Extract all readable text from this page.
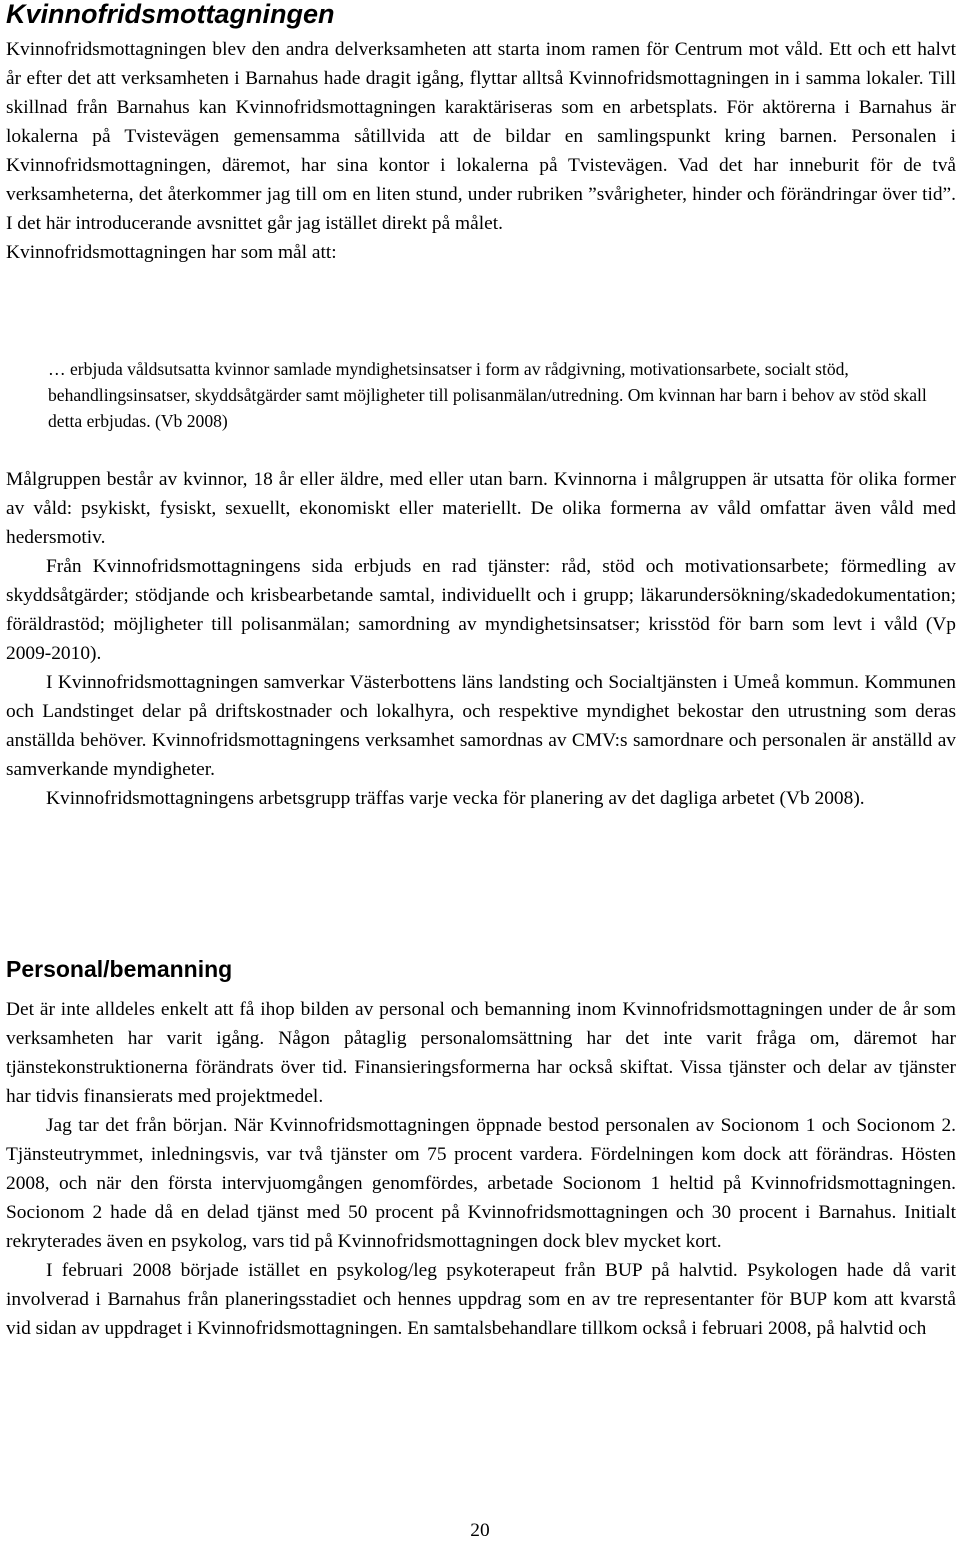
Kvinnofridsmottagningen

Kvinnofridsmottagningen blev den andra delverksamheten att starta inom ramen för Centrum mot våld. Ett och ett halvt år efter det att verksamheten i Barnahus hade dragit igång, flyttar alltså Kvinnofridsmottagningen in i samma lokaler. Till skillnad från Barnahus kan Kvinnofridsmottagningen karaktäriseras som en arbetsplats. För aktörerna i Barnahus är lokalerna på Tvistevägen gemensamma såtillvida att de bildar en samlingspunkt kring barnen. Personalen i Kvinnofridsmottagningen, däremot, har sina kontor i lokalerna på Tvistevägen. Vad det har inneburit för de två verksamheterna, det återkommer jag till om en liten stund, under rubriken ”svårigheter, hinder och förändringar över tid”. I det här introducerande avsnittet går jag istället direkt på målet.

Kvinnofridsmottagningen har som mål att:

… erbjuda våldsutsatta kvinnor samlade myndighetsinsatser i form av rådgivning, motivationsarbete, socialt stöd, behandlingsinsatser, skyddsåtgärder samt möjligheter till polisanmälan/utredning. Om kvinnan har barn i behov av stöd skall detta erbjudas. (Vb 2008)

Målgruppen består av kvinnor, 18 år eller äldre, med eller utan barn. Kvinnorna i målgruppen är utsatta för olika former av våld: psykiskt, fysiskt, sexuellt, ekonomiskt eller materiellt. De olika formerna av våld omfattar även våld med hedersmotiv.

Från Kvinnofridsmottagningens sida erbjuds en rad tjänster: råd, stöd och motivationsarbete; förmedling av skyddsåtgärder; stödjande och krisbearbetande samtal, individuellt och i grupp; läkarundersökning/skadedokumentation; föräldrastöd; möjligheter till polisanmälan; samordning av myndighetsinsatser; krisstöd för barn som levt i våld (Vp 2009-2010).

I Kvinnofridsmottagningen samverkar Västerbottens läns landsting och Socialtjänsten i Umeå kommun. Kommunen och Landstinget delar på driftskostnader och lokalhyra, och respektive myndighet bekostar den utrustning som deras anställda behöver. Kvinnofridsmottagningens verksamhet samordnas av CMV:s samordnare och personalen är anställd av samverkande myndigheter.

Kvinnofridsmottagningens arbetsgrupp träffas varje vecka för planering av det dagliga arbetet (Vb 2008).

Personal/bemanning

Det är inte alldeles enkelt att få ihop bilden av personal och bemanning inom Kvinnofridsmottagningen under de år som verksamheten har varit igång. Någon påtaglig personalomsättning har det inte varit fråga om, däremot har tjänstekonstruktionerna förändrats över tid. Finansieringsformerna har också skiftat. Vissa tjänster och delar av tjänster har tidvis finansierats med projektmedel.

Jag tar det från början. När Kvinnofridsmottagningen öppnade bestod personalen av Socionom 1 och Socionom 2. Tjänsteutrymmet, inledningsvis, var två tjänster om 75 procent vardera. Fördelningen kom dock att förändras. Hösten 2008, och när den första intervjuomgången genomfördes, arbetade Socionom 1 heltid på Kvinnofridsmottagningen. Socionom 2 hade då en delad tjänst med 50 procent på Kvinnofridsmottagningen och 30 procent i Barnahus. Initialt rekryterades även en psykolog, vars tid på Kvinnofridsmottagningen dock blev mycket kort.

I februari 2008 började istället en psykolog/leg psykoterapeut från BUP på halvtid. Psykologen hade då varit involverad i Barnahus från planeringsstadiet och hennes uppdrag som en av tre representanter för BUP kom att kvarstå vid sidan av uppdraget i Kvinnofridsmottagningen. En samtalsbehandlare tillkom också i februari 2008, på halvtid och

20
